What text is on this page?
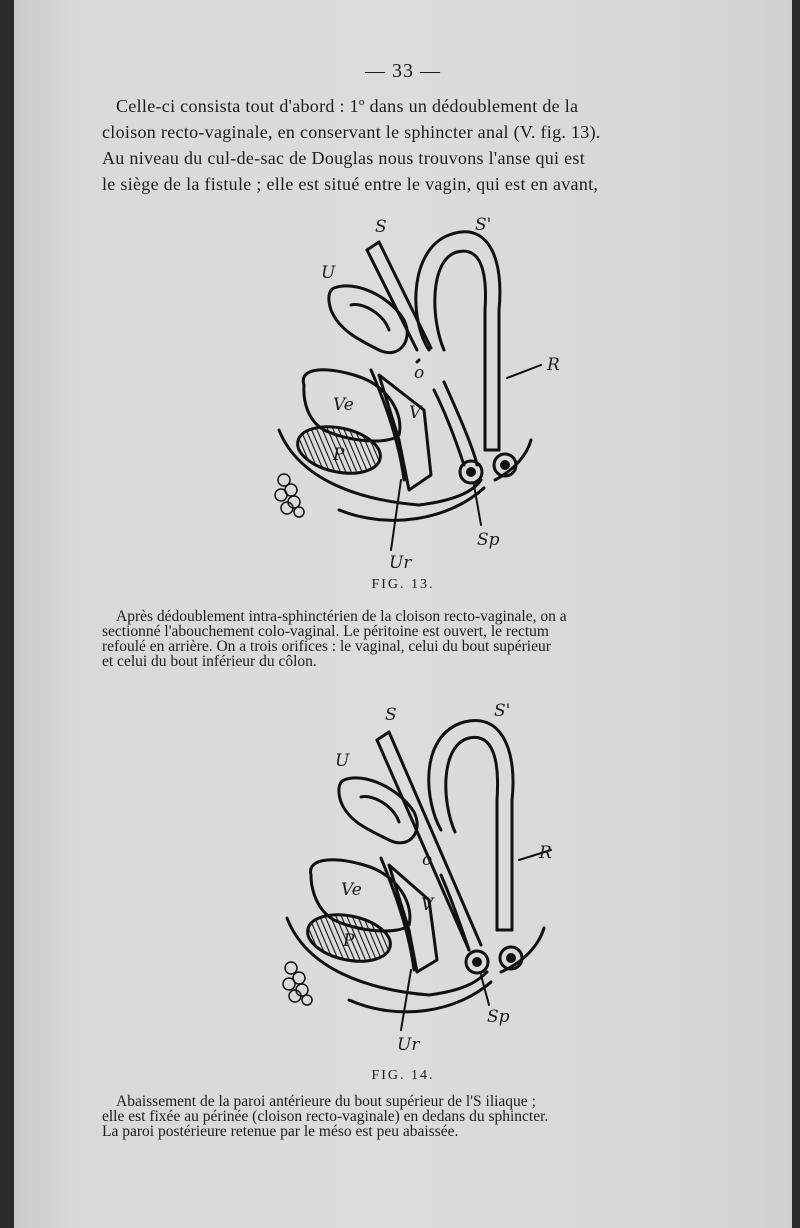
— 33 —
Celle-ci consista tout d'abord : 1º dans un dédoublement de la
cloison recto-vaginale, en conservant le sphincter anal (V. fig. 13).
Au niveau du cul-de-sac de Douglas nous trouvons l'anse qui est
le siège de la fistule ; elle est situé entre le vagin, qui est en avant,
S	S'
U
R
o
Ve	V
P
Sp
Ur
FIG. 13.
Après dédoublement intra-sphinctérien de la cloison recto-vaginale, on a
sectionné l'abouchement colo-vaginal. Le péritoine est ouvert, le rectum
refoulé en arrière. On a trois orifices : le vaginal, celui du bout supérieur
et celui du bout inférieur du côlon.
S	S'
U
R
o
Ve
V
P
Sp
Ur
FIG. 14.
Abaissement de la paroi antérieure du bout supérieur de l'S iliaque ;
elle est fixée au périnée (cloison recto-vaginale) en dedans du sphincter.
La paroi postérieure retenue par le méso est peu abaissée.
